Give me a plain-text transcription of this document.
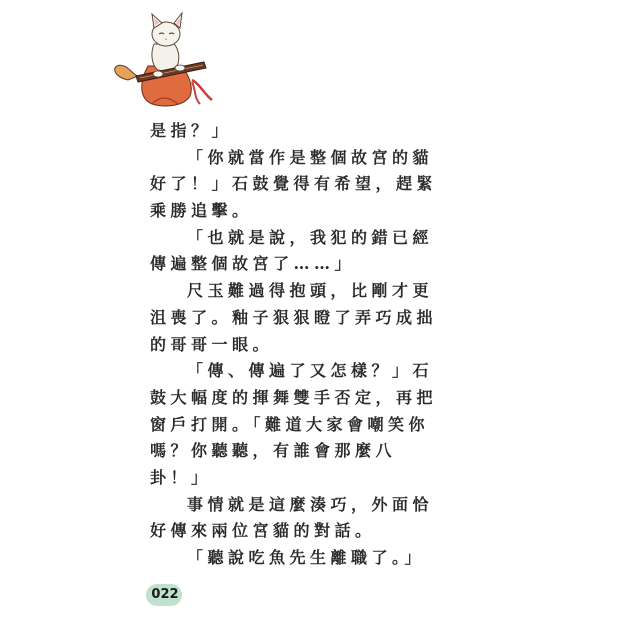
是指？」
「你就當作是整個故宮的貓
好了！」石鼓覺得有希望，趕緊
乘勝追擊。
「也就是說，我犯的錯已經
傳遍整個故宮了……」
尺玉難過得抱頭，比剛才更
沮喪了。釉子狠狠瞪了弄巧成拙
的哥哥一眼。
「傳、傳遍了又怎樣？」石
鼓大幅度的揮舞雙手否定，再把
窗戶打開。「難道大家會嘲笑你
嗎？你聽聽，有誰會那麼八
卦！」
事情就是這麼湊巧，外面恰
好傳來兩位宮貓的對話。
「聽說吃魚先生離職了。」
022
